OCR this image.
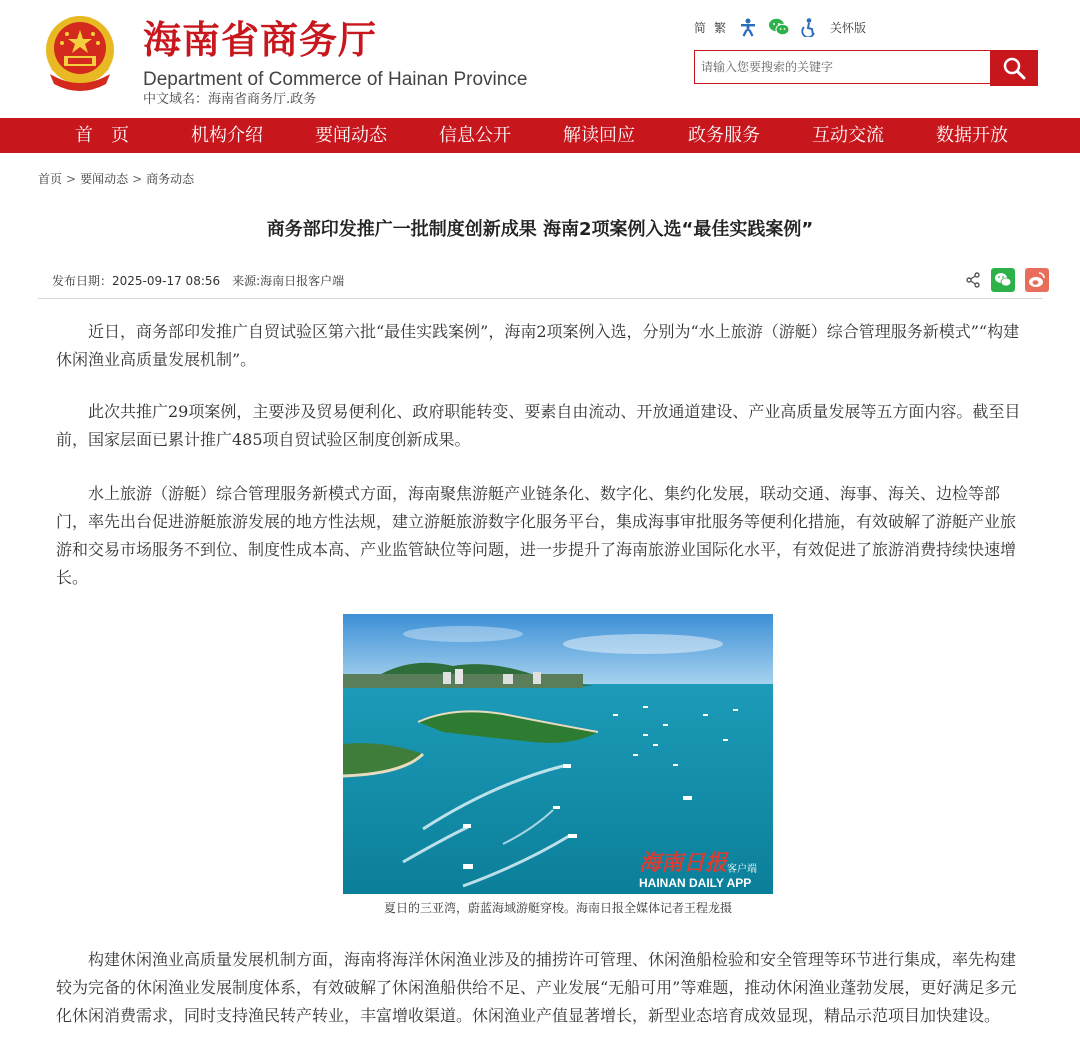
海南省商务厅
Department of Commerce of Hainan Province
中文域名：海南省商务厅.政务
简 繁	关怀版
请输入您要搜索的关键字
首　页	机构介绍	要闻动态	信息公开	解读回应	政务服务	互动交流	数据开放
首页 > 要闻动态 > 商务动态
商务部印发推广一批制度创新成果 海南2项案例入选“最佳实践案例”
发布日期：2025-09-17 08:56 来源:海南日报客户端

近日，商务部印发推广自贸试验区第六批“最佳实践案例”，海南2项案例入选，分别为“水上旅游（游艇）综合管理服务新模式”“构建休闲渔业高质量发展机制”。

此次共推广29项案例，主要涉及贸易便利化、政府职能转变、要素自由流动、开放通道建设、产业高质量发展等五方面内容。截至目前，国家层面已累计推广485项自贸试验区制度创新成果。

水上旅游（游艇）综合管理服务新模式方面，海南聚焦游艇产业链条化、数字化、集约化发展，联动交通、海事、海关、边检等部门，率先出台促进游艇旅游发展的地方性法规，建立游艇旅游数字化服务平台，集成海事审批服务等便利化措施，有效破解了游艇产业旅游和交易市场服务不到位、制度性成本高、产业监管缺位等问题，进一步提升了海南旅游业国际化水平，有效促进了旅游消费持续快速增长。

海南日报 客户端
HAINAN DAILY APP
夏日的三亚湾，蔚蓝海域游艇穿梭。海南日报全媒体记者王程龙摄

构建休闲渔业高质量发展机制方面，海南将海洋休闲渔业涉及的捕捞许可管理、休闲渔船检验和安全管理等环节进行集成，率先构建较为完备的休闲渔业发展制度体系，有效破解了休闲渔船供给不足、产业发展“无船可用”等难题，推动休闲渔业蓬勃发展，更好满足多元化休闲消费需求，同时支持渔民转产转业，丰富增收渠道。休闲渔业产值显著增长，新型业态培育成效显现，精品示范项目加快建设。
